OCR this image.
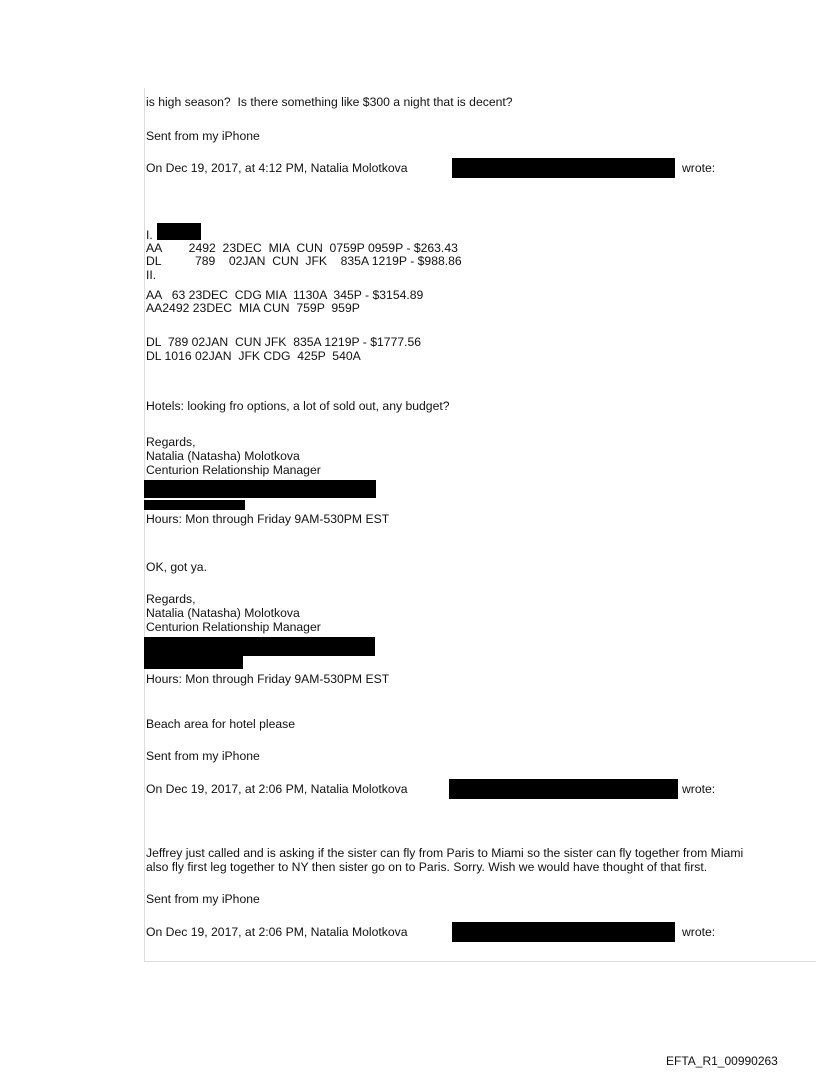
is high season?  Is there something like $300 a night that is decent?
Sent from my iPhone
On Dec 19, 2017, at 4:12 PM, Natalia Molotkova	wrote:
I.
AA        2492  23DEC  MIA  CUN  0759P 0959P - $263.43
DL          789    02JAN  CUN  JFK    835A 1219P - $988.86
II.
AA   63 23DEC  CDG MIA  1130A  345P - $3154.89
AA2492 23DEC  MIA CUN  759P  959P
DL  789 02JAN  CUN JFK  835A 1219P - $1777.56
DL 1016 02JAN  JFK CDG  425P  540A
Hotels: looking fro options, a lot of sold out, any budget?
Regards,
Natalia (Natasha) Molotkova
Centurion Relationship Manager
Hours: Mon through Friday 9AM-530PM EST
OK, got ya.
Regards,
Natalia (Natasha) Molotkova
Centurion Relationship Manager
Hours: Mon through Friday 9AM-530PM EST
Beach area for hotel please
Sent from my iPhone
On Dec 19, 2017, at 2:06 PM, Natalia Molotkova	wrote:
Jeffrey just called and is asking if the sister can fly from Paris to Miami so the sister can fly together from Miami
also fly first leg together to NY then sister go on to Paris. Sorry. Wish we would have thought of that first.
Sent from my iPhone
On Dec 19, 2017, at 2:06 PM, Natalia Molotkova	wrote:
EFTA_R1_00990263
